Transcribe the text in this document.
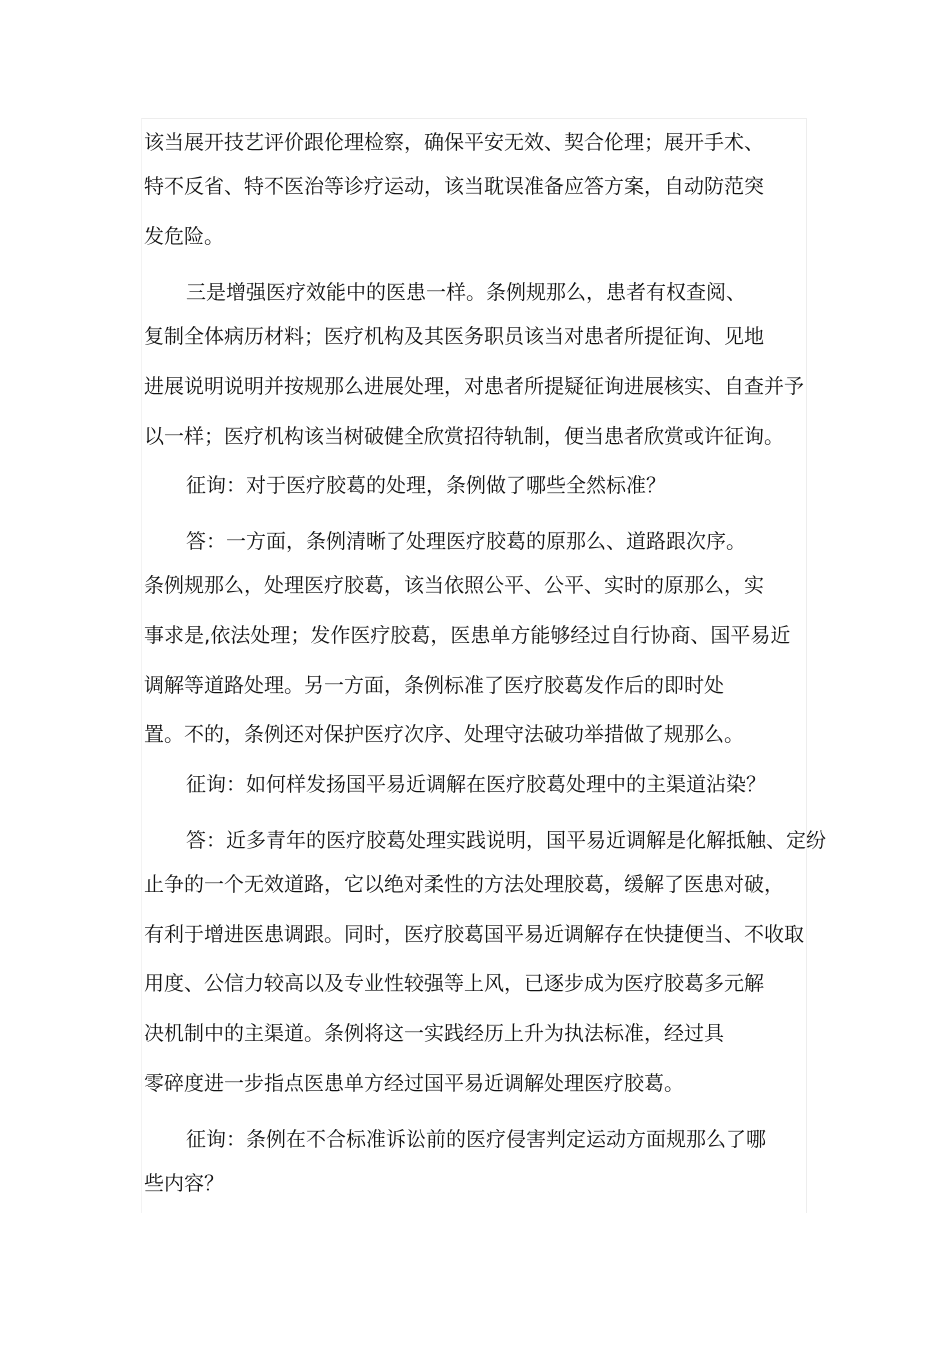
该当展开技艺评价跟伦理检察，确保平安无效、契合伦理；展开手术、
特不反省、特不医治等诊疗运动，该当耽误准备应答方案，自动防范突
发危险。
三是增强医疗效能中的医患一样。条例规那么，患者有权查阅、
复制全体病历材料；医疗机构及其医务职员该当对患者所提征询、见地
进展说明说明并按规那么进展处理，对患者所提疑征询进展核实、自查并予
以一样；医疗机构该当树破健全欣赏招待轨制，便当患者欣赏或许征询。
征询：对于医疗胶葛的处理，条例做了哪些全然标准？
答：一方面，条例清晰了处理医疗胶葛的原那么、道路跟次序。
条例规那么，处理医疗胶葛，该当依照公平、公平、实时的原那么，实
事求是,依法处理；发作医疗胶葛，医患单方能够经过自行协商、国平易近
调解等道路处理。另一方面，条例标准了医疗胶葛发作后的即时处
置。不的，条例还对保护医疗次序、处理守法破功举措做了规那么。
征询：如何样发扬国平易近调解在医疗胶葛处理中的主渠道沾染？
答：近多青年的医疗胶葛处理实践说明，国平易近调解是化解抵触、定纷
止争的一个无效道路，它以绝对柔性的方法处理胶葛，缓解了医患对破，
有利于增进医患调跟。同时，医疗胶葛国平易近调解存在快捷便当、不收取
用度、公信力较高以及专业性较强等上风，已逐步成为医疗胶葛多元解
决机制中的主渠道。条例将这一实践经历上升为执法标准，经过具
零碎度进一步指点医患单方经过国平易近调解处理医疗胶葛。
征询：条例在不合标准诉讼前的医疗侵害判定运动方面规那么了哪
些内容？
